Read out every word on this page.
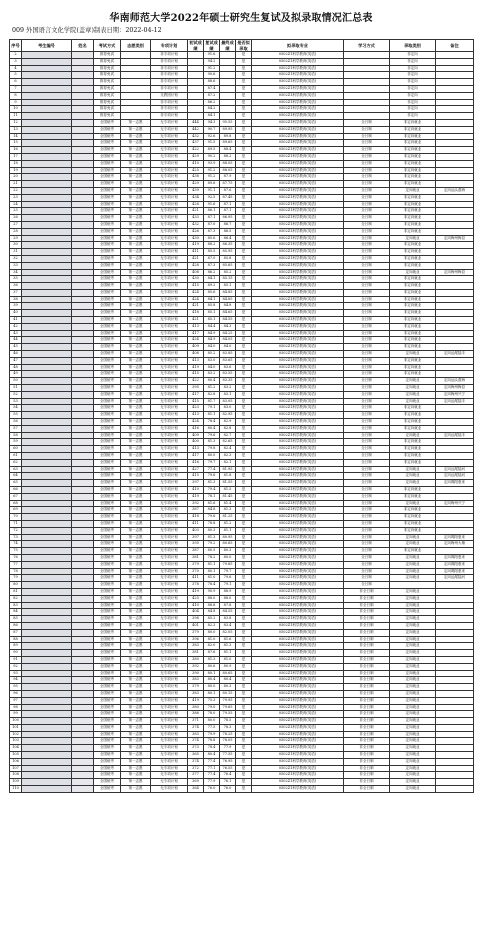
华南师范大学2022年硕士研究生复试及拟录取情况汇总表
009 外国语言文化学院(盖章)制表日期：2022-04-12
序号	考生编号	姓名	考试方式	志愿类别	专项计划	初试成绩	复试成绩	最终成绩	是否拟录取	拟录取专业	学习方式	录取类别	备注
2			推荐免试		非专项计划		91.6		是	0502Z1科学教育(英语)		非定向	
3			推荐免试		非专项计划		94.2		是	0502Z1科学教育(英语)		非定向	
4			推荐免试		非专项计划		91.2		是	0502Z1科学教育(英语)		非定向	
5			推荐免试		非专项计划		90.6		是	0502Z1科学教育(英语)		非定向	
6			推荐免试		非专项计划		88.6		是	0502Z1科学教育(英语)		非定向	
7			推荐免试		非专项计划		87.4		是	0502Z1科学教育(英语)		非定向	
8			推荐免试		支教团计划		87.2		是	0502Z1科学教育(英语)		非定向	
9			推荐免试		非专项计划		86.2		是	0502Z1科学教育(英语)		非定向	
10			推荐免试		非专项计划		84.2		是	0502Z1科学教育(英语)		非定向	
11			推荐免试		非专项计划		84.1		是	0502Z1科学教育(英语)		非定向	
12			全国统考	第一志愿	无专项计划	444	94.3	95.55	是	0502Z1科学教育(英语)	全日制	非定向就业	
13			全国统考	第一志愿	无专项计划	442	90.7	89.95	是	0502Z1科学教育(英语)	全日制	非定向就业	
14			全国统考	第一志愿	无专项计划	432	92.6	89.8	是	0502Z1科学教育(英语)	全日制	非定向就业	
15			全国统考	第一志愿	无专项计划	437	91.5	89.65	是	0502Z1科学教育(英语)	全日制	非定向就业	
16			全国统考	第一志愿	无专项计划	422	89.5	88.4	是	0502Z1科学教育(英语)	全日制	非定向就业	
17			全国统考	第一志愿	无专项计划	429	90.2	88.2	是	0502Z1科学教育(英语)	全日制	非定向就业	
18			全国统考	第一志愿	无专项计划	410	93.9	88.05	是	0502Z1科学教育(英语)	全日制	非定向就业	
19			全国统考	第一志愿	无专项计划	425	91.2	88.05	是	0502Z1科学教育(英语)	全日制	非定向就业	
20			全国统考	第一志愿	无专项计划	438	91.2	87.9	是	0502Z1科学教育(英语)	全日制	非定向就业	
21			全国统考	第一志愿	无专项计划	429	89.6	87.75	是	0502Z1科学教育(英语)	全日制	非定向就业	
22			全国统考	第一志愿	无专项计划	439	91.1	87.6	是	0502Z1科学教育(英语)	全日制	定向就业	定向汕头澄海
23			全国统考	第一志愿	无专项计划	434	92.5	87.45	是	0502Z1科学教育(英语)	全日制	非定向就业	
24			全国统考	第一志愿	无专项计划	428	91.6	87.1	是	0502Z1科学教育(英语)	全日制	非定向就业	
25			全国统考	第一志愿	无专项计划	421	86.1	87.1	是	0502Z1科学教育(英语)	全日制	非定向就业	
26			全国统考	第一志愿	无专项计划	433	87.1	86.95	是	0502Z1科学教育(英语)	全日制	非定向就业	
27			全国统考	第一志愿	无专项计划	432	87.0	86.7	是	0502Z1科学教育(英语)	全日制	非定向就业	
28			全国统考	第一志愿	无专项计划	426	87.3	86.5	是	0502Z1科学教育(英语)	全日制	非定向就业	
29			全国统考	第一志愿	无专项计划	430	85.6	86.4	是	0502Z1科学教育(英语)	全日制	定向就业	定向梅州梅县
30			全国统考	第一志愿	无专项计划	419	88.2	86.35	是	0502Z1科学教育(英语)	全日制	非定向就业	
31			全国统考	第一志愿	无专项计划	411	85.5	85.95	是	0502Z1科学教育(英语)	全日制	非定向就业	
32			全国统考	第一志愿	无专项计划	421	87.0	85.8	是	0502Z1科学教育(英语)	全日制	非定向就业	
33			全国统考	第一志愿	无专项计划	428	87.3	85.65	是	0502Z1科学教育(英语)	全日制	非定向就业	
34			全国统考	第一志愿	无专项计划	408	86.2	85.2	是	0502Z1科学教育(英语)	全日制	定向就业	定向梅州梅县
35			全国统考	第一志愿	无专项计划	430	84.1	85.15	是	0502Z1科学教育(英语)	全日制	非定向就业	
36			全国统考	第一志愿	无专项计划	415	89.2	85.1	是	0502Z1科学教育(英语)	全日制	非定向就业	
37			全国统考	第一志愿	无专项计划	424	85.6	84.85	是	0502Z1科学教育(英语)	全日制	非定向就业	
38			全国统考	第一志愿	无专项计划	424	84.1	84.85	是	0502Z1科学教育(英语)	全日制	非定向就业	
39			全国统考	第一志愿	无专项计划	421	85.8	84.8	是	0502Z1科学教育(英语)	全日制	非定向就业	
40			全国统考	第一志愿	无专项计划	418	85.1	84.65	是	0502Z1科学教育(英语)	全日制	非定向就业	
41			全国统考	第一志愿	无专项计划	421	85.1	84.55	是	0502Z1科学教育(英语)	全日制	非定向就业	
42			全国统考	第一志愿	无专项计划	413	84.4	84.3	是	0502Z1科学教育(英语)	全日制	非定向就业	
43			全国统考	第一志愿	无专项计划	417	84.9	84.25	是	0502Z1科学教育(英语)	全日制	非定向就业	
44			全国统考	第一志愿	无专项计划	424	84.9	84.05	是	0502Z1科学教育(英语)	全日制	非定向就业	
45			全国统考	第一志愿	无专项计划	409	84.0	84.0	是	0502Z1科学教育(英语)	全日制	非定向就业	
46			全国统考	第一志愿	无专项计划	408	85.2	83.85	是	0502Z1科学教育(英语)	全日制	定向就业	定向汕尾陆丰
47			全国统考	第一志愿	无专项计划	413	83.0	83.65	是	0502Z1科学教育(英语)	全日制	非定向就业	
48			全国统考	第一志愿	无专项计划	419	84.0	83.6	是	0502Z1科学教育(英语)	全日制	非定向就业	
49			全国统考	第一志愿	无专项计划	415	83.2	83.55	是	0502Z1科学教育(英语)	全日制	非定向就业	
50			全国统考	第一志愿	无专项计划	422	80.4	83.35	是	0502Z1科学教育(英语)	全日制	定向就业	定向汕头澄海
51			全国统考	第一志愿	无专项计划	395	81.2	83.2	是	0502Z1科学教育(英语)	全日制	定向就业	定向梅州梅县
52			全国统考	第一志愿	无专项计划	417	82.8	83.1	是	0502Z1科学教育(英语)	全日制	定向就业	定向梅州兴宁
53			全国统考	第一志愿	无专项计划	415	81.7	83.05	是	0502Z1科学教育(英语)	全日制	定向就业	定向汕尾陆丰
54			全国统考	第一志愿	无专项计划	423	79.1	83.0	是	0502Z1科学教育(英语)	全日制	非定向就业	
55			全国统考	第一志愿	无专项计划	413	81.1	82.95	是	0502Z1科学教育(英语)	全日制	非定向就业	
56			全国统考	第一志愿	无专项计划	424	78.4	82.9	是	0502Z1科学教育(英语)	全日制	非定向就业	
57			全国统考	第一志愿	无专项计划	416	80.4	82.8	是	0502Z1科学教育(英语)	全日制	非定向就业	
58			全国统考	第一志愿	无专项计划	409	79.6	82.7	是	0502Z1科学教育(英语)	全日制	定向就业	定向汕尾陆丰
59			全国统考	第一志愿	无专项计划	400	81.3	82.65	是	0502Z1科学教育(英语)	全日制	非定向就业	
60			全国统考	第一志愿	无专项计划	413	79.8	82.4	是	0502Z1科学教育(英语)	全日制	非定向就业	
61			全国统考	第一志愿	无专项计划	417	80.0	82.3	是	0502Z1科学教育(英语)	全日制	非定向就业	
62			全国统考	第一志愿	无专项计划	416	79.7	82.1	是	0502Z1科学教育(英语)	全日制	非定向就业	
63			全国统考	第一志愿	无专项计划	427	77.4	81.95	是	0502Z1科学教育(英语)	全日制	定向就业	定向汕尾陆河
64			全国统考	第一志愿	无专项计划	415	79.6	81.8	是	0502Z1科学教育(英语)	全日制	定向就业	定向汕尾陆河
65			全国统考	第一志愿	无专项计划	397	81.3	81.55	是	0502Z1科学教育(英语)	全日制	定向就业	定向揭阳惠来
66			全国统考	第一志愿	无专项计划	410	79.4	81.5	是	0502Z1科学教育(英语)	全日制	非定向就业	
67			全国统考	第一志愿	无专项计划	419	78.1	81.45	是	0502Z1科学教育(英语)	全日制	非定向就业	
68			全国统考	第一志愿	无专项计划	392	81.6	81.4	是	0502Z1科学教育(英语)	全日制	定向就业	定向梅州兴宁
69			全国统考	第一志愿	无专项计划	387	84.8	81.3	是	0502Z1科学教育(英语)	全日制	非定向就业	
70			全国统考	第一志愿	无专项计划	418	79.6	81.25	是	0502Z1科学教育(英语)	全日制	非定向就业	
71			全国统考	第一志愿	无专项计划	411	78.8	81.2	是	0502Z1科学教育(英语)	全日制	非定向就业	
72			全国统考	第一志愿	无专项计划	403	80.3	81.1	是	0502Z1科学教育(英语)	全日制	非定向就业	
73			全国统考	第一志愿	无专项计划	397	81.3	80.95	是	0502Z1科学教育(英语)	全日制	定向就业	定向揭阳惠来
74			全国统考	第一志愿	无专项计划	395	79.2	80.65	是	0502Z1科学教育(英语)	全日制	定向就业	定向梅州大埔
75			全国统考	第一志愿	无专项计划	387	80.5	80.3	是	0502Z1科学教育(英语)	全日制	非定向就业	
76			全国统考	第一志愿	无专项计划	381	78.2	80.0	是	0502Z1科学教育(英语)	全日制	定向就业	定向揭阳惠来
77			全国统考	第一志愿	无专项计划	379	81.1	79.85	是	0502Z1科学教育(英语)	全日制	定向就业	定向揭阳惠来
78			全国统考	第一志愿	无专项计划	370	80.1	79.7	是	0502Z1科学教育(英语)	全日制	定向就业	定向揭阳惠来
79			全国统考	第一志愿	无专项计划	411	81.0	79.6	是	0502Z1科学教育(英语)	全日制	定向就业	定向汕尾陆河
80			全国统考	第一志愿	无专项计划	378	78.4	79.1	是	0502Z1科学教育(英语)	全日制		
81			全国统考	第一志愿	无专项计划	419	90.9	88.9	是	0502Z1科学教育(英语)	非全日制	定向就业	
82			全国统考	第一志愿	无专项计划	425	88.0	88.0	是	0502Z1科学教育(英语)	非全日制	定向就业	
83			全国统考	第一志愿	无专项计划	410	88.8	87.8	是	0502Z1科学教育(英语)	非全日制	定向就业	
84			全国统考	第一志愿	无专项计划	404	84.8	84.55	是	0502Z1科学教育(英语)	非全日制	定向就业	
85			全国统考	第一志愿	无专项计划	398	85.2	83.8	是	0502Z1科学教育(英语)	非全日制	定向就业	
86			全国统考	第一志愿	无专项计划	401	82.3	83.4	是	0502Z1科学教育(英语)	非全日制	定向就业	
87			全国统考	第一志愿	无专项计划	379	80.0	82.05	是	0502Z1科学教育(英语)	非全日制	定向就业	
88			全国统考	第一志愿	无专项计划	396	81.0	81.6	是	0502Z1科学教育(英语)	非全日制	定向就业	
89			全国统考	第一志愿	无专项计划	383	82.0	81.3	是	0502Z1科学教育(英语)	非全日制	定向就业	
90			全国统考	第一志愿	无专项计划	381	87.6	81.1	是	0502Z1科学教育(英语)	非全日制	定向就业	
91			全国统考	第一志愿	无专项计划	380	81.3	81.0	是	0502Z1科学教育(英语)	非全日制	定向就业	
92			全国统考	第一志愿	无专项计划	392	80.6	80.9	是	0502Z1科学教育(英语)	非全日制	定向就业	
93			全国统考	第一志愿	无专项计划	390	80.1	80.65	是	0502Z1科学教育(英语)	非全日制	定向就业	
94			全国统考	第一志愿	无专项计划	383	80.4	80.4	是	0502Z1科学教育(英语)	非全日制	定向就业	
95			全国统考	第一志愿	无专项计划	379	80.0	80.3	是	0502Z1科学教育(英语)	非全日制	定向就业	
96			全国统考	第一志愿	无专项计划	383	80.1	80.15	是	0502Z1科学教育(英语)	非全日制	定向就业	
97			全国统考	第一志愿	无专项计划	419	75.3	79.95	是	0502Z1科学教育(英语)	非全日制	定向就业	
98			全国统考	第一志愿	无专项计划	380	79.0	79.65	是	0502Z1科学教育(英语)	非全日制	定向就业	
99			全国统考	第一志愿	无专项计划	386	78.0	79.55	是	0502Z1科学教育(英语)	非全日制	定向就业	
100			全国统考	第一志愿	无专项计划	371	80.0	78.5	是	0502Z1科学教育(英语)	非全日制	定向就业	
101			全国统考	第一志愿	无专项计划	374	77.5	78.3	是	0502Z1科学教育(英语)	非全日制	定向就业	
102			全国统考	第一志愿	无专项计划	383	79.9	78.25	是	0502Z1科学教育(英语)	非全日制	定向就业	
103			全国统考	第一志愿	无专项计划	374	78.8	78.05	是	0502Z1科学教育(英语)	非全日制	定向就业	
104			全国统考	第一志愿	无专项计划	373	78.4	77.9	是	0502Z1科学教育(英语)	非全日制	定向就业	
105			全国统考	第一志愿	无专项计划	365	80.4	77.55	是	0502Z1科学教育(英语)	非全日制	定向就业	
106			全国统考	第一志愿	无专项计划	374	77.4	76.95	是	0502Z1科学教育(英语)	非全日制	定向就业	
107			全国统考	第一志愿	无专项计划	372	77.1	76.55	是	0502Z1科学教育(英语)	非全日制	定向就业	
108			全国统考	第一志愿	无专项计划	377	77.4	76.4	是	0502Z1科学教育(英语)	非全日制	定向就业	
109			全国统考	第一志愿	无专项计划	369	77.9	76.1	是	0502Z1科学教育(英语)	非全日制	定向就业	
110			全国统考	第一志愿	无专项计划	364	76.0	76.0	是	0502Z1科学教育(英语)	非全日制	定向就业	
